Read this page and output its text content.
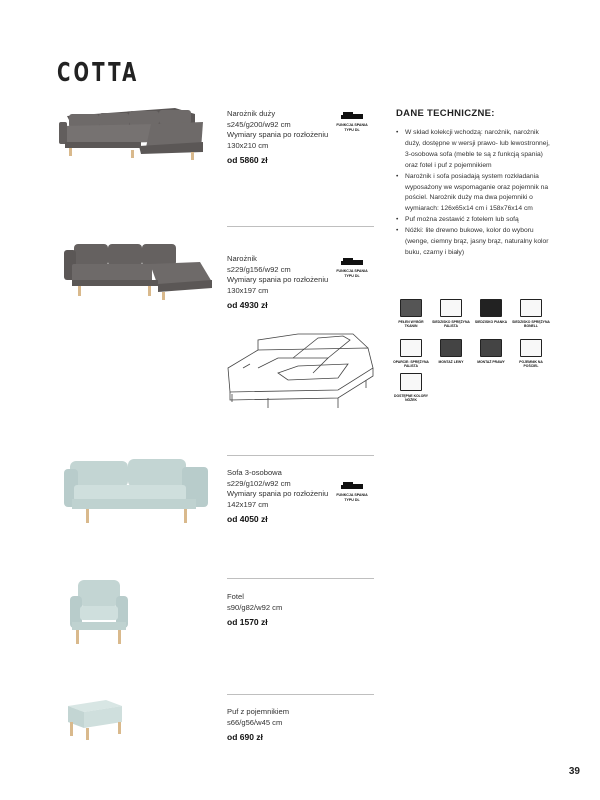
COTTA
Narożnik duży
s245/g200/w92 cm
Wymiary spania po rozłożeniu
130x210 cm
od 5860 zł
FUNKCJA SPANIA TYPU DL
Narożnik
s229/g156/w92 cm
Wymiary spania po rozłożeniu
130x197 cm
od 4930 zł
FUNKCJA SPANIA TYPU DL
Sofa 3-osobowa
s229/g102/w92 cm
Wymiary spania po rozłożeniu
142x197 cm
od 4050 zł
FUNKCJA SPANIA TYPU DL
Fotel
s90/g82/w92 cm
od 1570 zł
Puf z pojemnikiem
s66/g56/w45 cm
od 690 zł
DANE TECHNICZNE:
• W skład kolekcji wchodzą: narożnik, narożnik duży, dostępne w wersji prawo- lub lewostronnej, 3-osobowa sofa (meble te są z funkcją spania) oraz fotel i puf z pojemnikiem
• Narożnik i sofa posiadają system rozkładania wyposażony we wspomaganie oraz pojemnik na pościel. Narożnik duży ma dwa pojemniki o wymiarach: 126x65x14 cm i 158x76x14 cm
• Puf można zestawić z fotelem lub sofą
• Nóżki: lite drewno bukowe, kolor do wyboru (wenge, ciemny brąz, jasny brąz, naturalny kolor buku, czarny i biały)
PEŁEN WYBÓR TKANIN
SIEDZISKO SPRĘŻYNA FALISTA
SIEDZISKO PIANKA	SIEDZISKO SPRĘŻYNA BONELL
OPARCIE: SPRĘŻYNA FALISTA
MONTAŻ LEWY	MONTAŻ PRAWY	POJEMNIK NA POŚCIEL
DOSTĘPNE KOLORY NÓŻEK
39
